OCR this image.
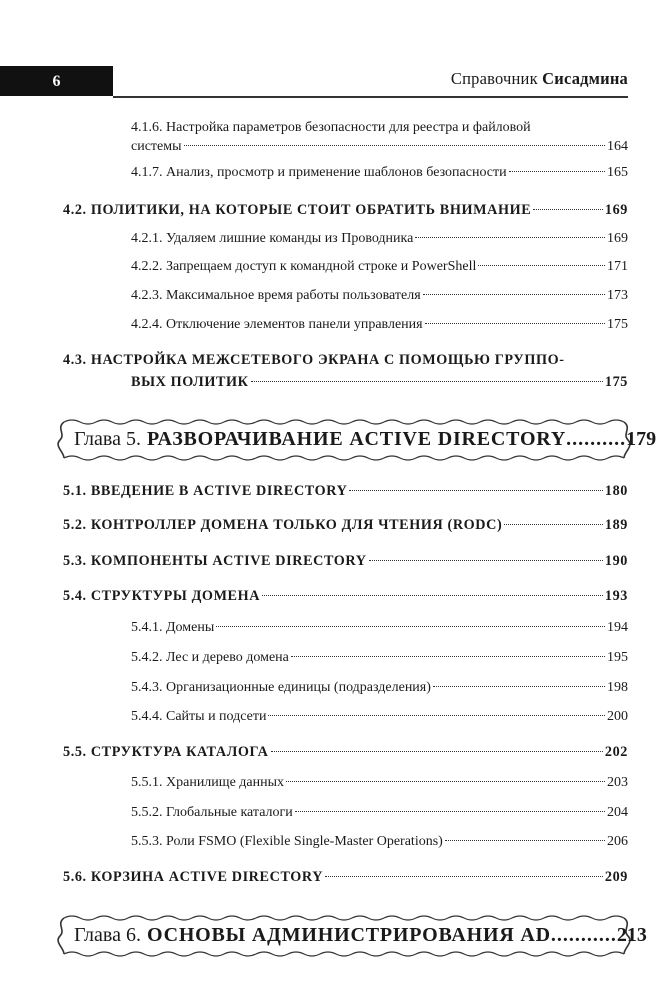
6	Справочник Сисадмина
4.1.6. Настройка параметров безопасности для реестра и файловой
системы	164
4.1.7. Анализ, просмотр и применение шаблонов безопасности	165
4.2. ПОЛИТИКИ, НА КОТОРЫЕ СТОИТ ОБРАТИТЬ ВНИМАНИЕ	169
4.2.1. Удаляем лишние команды из Проводника	169
4.2.2. Запрещаем доступ к командной строке и PowerShell	171
4.2.3. Максимальное время работы пользователя	173
4.2.4. Отключение элементов панели управления	175
4.3. НАСТРОЙКА МЕЖСЕТЕВОГО ЭКРАНА С ПОМОЩЬЮ ГРУППО-
ВЫХ ПОЛИТИК	175
Глава 5. РАЗВОРАЧИВАНИЕ ACTIVE DIRECTORY .......... 179
5.1. ВВЕДЕНИЕ В ACTIVE DIRECTORY	180
5.2. КОНТРОЛЛЕР ДОМЕНА ТОЛЬКО ДЛЯ ЧТЕНИЯ (RODC)	189
5.3. КОМПОНЕНТЫ ACTIVE DIRECTORY	190
5.4. СТРУКТУРЫ ДОМЕНА	193
5.4.1. Домены	194
5.4.2. Лес и дерево домена	195
5.4.3. Организационные единицы (подразделения)	198
5.4.4. Сайты и подсети	200
5.5. СТРУКТУРА КАТАЛОГА	202
5.5.1. Хранилище данных	203
5.5.2. Глобальные каталоги	204
5.5.3. Роли FSMO (Flexible Single-Master Operations)	206
5.6. КОРЗИНА ACTIVE DIRECTORY	209
Глава 6. ОСНОВЫ АДМИНИСТРИРОВАНИЯ AD ........... 213
